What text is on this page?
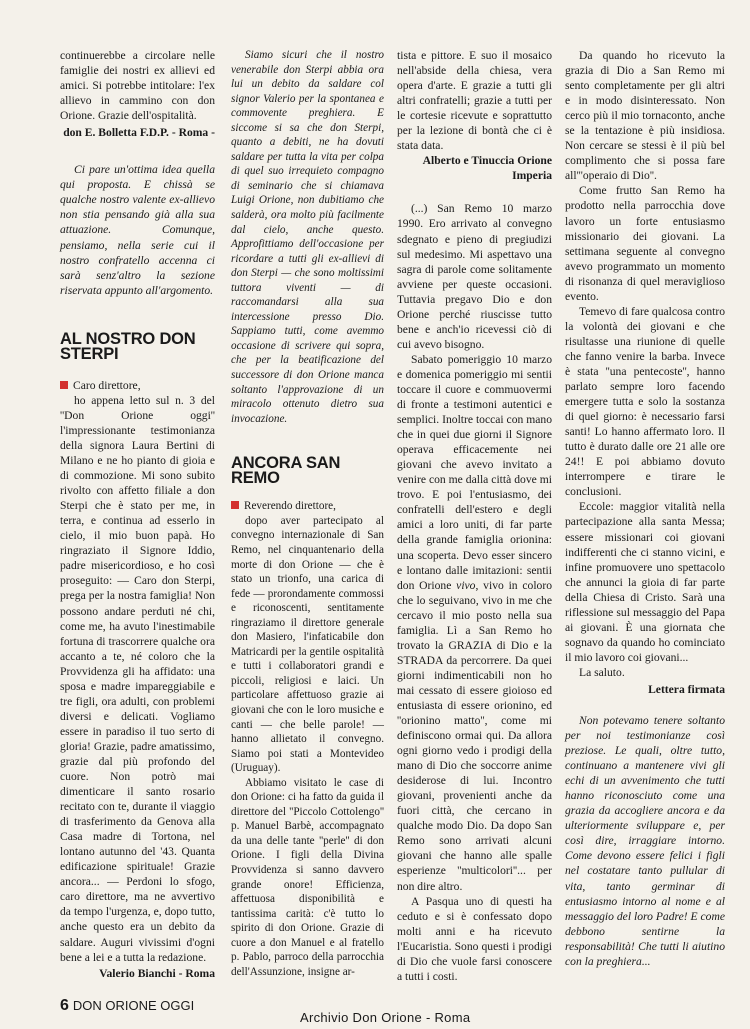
continuerebbe a circolare nelle famiglie dei nostri ex allievi ed amici. Si potrebbe intitolare: l'ex allievo in cammino con don Orione. Grazie dell'ospitalità.

don E. Bolletta F.D.P. - Roma -

Ci pare un'ottima idea quella qui proposta. E chissà se qualche nostro valente ex-allievo non stia pensando già alla sua attuazione. Comunque, pensiamo, nella serie cui il nostro confratello accenna ci sarà senz'altro la sezione riservata appunto all'argomento.

AL NOSTRO DON STERPI

Caro direttore,

ho appena letto sul n. 3 del ''Don Orione oggi'' l'impressionante testimonianza della signora Laura Bertini di Milano e ne ho pianto di gioia e di commozione. Mi sono subito rivolto con affetto filiale a don Sterpi che è stato per me, in terra, e continua ad esserlo in cielo, il mio buon papà. Ho ringraziato il Signore Iddio, padre misericordioso, e ho così proseguito: — Caro don Sterpi, prega per la nostra famiglia! Non possono andare perduti né chi, come me, ha avuto l'inestimabile fortuna di trascorrere qualche ora accanto a te, né coloro che la Provvidenza gli ha affidato: una sposa e madre impareggiabile e tre figli, ora adulti, con problemi diversi e delicati. Vogliamo essere in paradiso il tuo serto di gloria! Grazie, padre amatissimo, grazie dal più profondo del cuore. Non potrò mai dimenticare il santo rosario recitato con te, durante il viaggio di trasferimento da Genova alla Casa madre di Tortona, nel lontano autunno del '43. Quanta edificazione spirituale! Grazie ancora... — Perdoni lo sfogo, caro direttore, ma ne avvertivo da tempo l'urgenza, e, dopo tutto, anche questo era un debito da saldare. Auguri vivissimi d'ogni bene a lei e a tutta la redazione.

Valerio Bianchi - Roma

Siamo sicuri che il nostro venerabile don Sterpi abbia ora lui un debito da saldare col signor Valerio per la spontanea e commovente preghiera. E siccome si sa che don Sterpi, quanto a debiti, ne ha dovuti saldare per tutta la vita per colpa di quel suo irrequieto compagno di seminario che si chiamava Luigi Orione, non dubitiamo che salderà, ora molto più facilmente dal cielo, anche questo. Approfittiamo dell'occasione per ricordare a tutti gli ex-allievi di don Sterpi — che sono moltissimi tuttora viventi — di raccomandarsi alla sua intercessione presso Dio. Sappiamo tutti, come avemmo occasione di scrivere qui sopra, che per la beatificazione del successore di don Orione manca soltanto l'approvazione di un miracolo ottenuto dietro sua invocazione.

ANCORA SAN REMO

Reverendo direttore,

dopo aver partecipato al convegno internazionale di San Remo, nel cinquantenario della morte di don Orione — che è stato un trionfo, una carica di fede — prorondamente commossi e riconoscenti, sentitamente ringraziamo il direttore generale don Masiero, l'infaticabile don Matricardi per la gentile ospitalità e tutti i collaboratori grandi e piccoli, religiosi e laici. Un particolare affettuoso grazie ai giovani che con le loro musiche e canti — che belle parole! — hanno allietato il convegno. Siamo poi stati a Montevideo (Uruguay).

Abbiamo visitato le case di don Orione: ci ha fatto da guida il direttore del ''Piccolo Cottolengo'' p. Manuel Barbè, accompagnato da una delle tante ''perle'' di don Orione. I figli della Divina Provvidenza si sanno davvero grande onore! Efficienza, affettuosa disponibilità e tantissima carità: c'è tutto lo spirito di don Orione. Grazie di cuore a don Manuel e al fratello p. Pablo, parroco della parrocchia dell'Assunzione, insigne ar-

tista e pittore. E suo il mosaico nell'abside della chiesa, vera opera d'arte. E grazie a tutti gli altri confratelli; grazie a tutti per le cortesie ricevute e soprattutto per la lezione di bontà che ci è stata data.

Alberto e Tinuccia Orione

Imperia

(...) San Remo 10 marzo 1990. Ero arrivato al convegno sdegnato e pieno di pregiudizi sul medesimo. Mi aspettavo una sagra di parole come solitamente avviene per queste occasioni. Tuttavia pregavo Dio e don Orione perché riuscisse tutto bene e anch'io ricevessi ciò di cui avevo bisogno.

Sabato pomeriggio 10 marzo e domenica pomeriggio mi sentii toccare il cuore e commuovermi di fronte a testimoni autentici e semplici. Inoltre toccai con mano che in quei due giorni il Signore operava efficacemente nei giovani che avevo invitato a venire con me dalla città dove mi trovo. E poi l'entusiasmo, dei confratelli dell'estero e degli amici a loro uniti, di far parte della grande famiglia orionina: una scoperta. Devo esser sincero e lontano dalle imitazioni: sentii don Orione vivo, vivo in coloro che lo seguivano, vivo in me che cercavo il mio posto nella sua famiglia. Lì a San Remo ho trovato la GRAZIA di Dio e la STRADA da percorrere. Da quei giorni indimenticabili non ho mai cessato di essere gioioso ed entusiasta di essere orionino, ed ''orionino matto'', come mi definiscono ormai qui. Da allora ogni giorno vedo i prodigi della mano di Dio che soccorre anime desiderose di lui. Incontro giovani, provenienti anche da fuori città, che cercano in qualche modo Dio. Da dopo San Remo sono arrivati alcuni giovani che hanno alle spalle esperienze ''multicolori''... per non dire altro.

A Pasqua uno di questi ha ceduto e si è confessato dopo molti anni e ha ricevuto l'Eucaristia. Sono questi i prodigi di Dio che vuole farsi conoscere a tutti i costi.

Da quando ho ricevuto la grazia di Dio a San Remo mi sento completamente per gli altri e in modo disinteressato. Non cerco più il mio tornaconto, anche se la tentazione è più insidiosa. Non cercare se stessi è il più bel complimento che si possa fare all'''operaio di Dio''.

Come frutto San Remo ha prodotto nella parrocchia dove lavoro un forte entusiasmo missionario dei giovani. La settimana seguente al convegno avevo programmato un momento di risonanza di quel meraviglioso evento.

Temevo di fare qualcosa contro la volontà dei giovani e che risultasse una riunione di quelle che fanno venire la barba. Invece è stata ''una pentecoste'', hanno parlato sempre loro facendo emergere tutta e solo la sostanza di quel giorno: è necessario farsi santi! Lo hanno affermato loro. Il tutto è durato dalle ore 21 alle ore 24!! E poi abbiamo dovuto interrompere e tirare le conclusioni.

Eccole: maggior vitalità nella partecipazione alla santa Messa; essere missionari coi giovani indifferenti che ci stanno vicini, e infine promuovere uno spettacolo che annunci la gioia di far parte della Chiesa di Cristo. Sarà una riflessione sul messaggio del Papa ai giovani. È una giornata che sognavo da quando ho cominciato il mio lavoro coi giovani...

La saluto.

Lettera firmata

Non potevamo tenere soltanto per noi testimonianze così preziose. Le quali, oltre tutto, continuano a mantenere vivi gli echi di un avvenimento che tutti hanno riconosciuto come una grazia da accogliere ancora e da ulteriormente sviluppare e, per così dire, irraggiare intorno. Come devono essere felici i figli nel costatare tanto pullular di vita, tanto germinar di entusiasmo intorno al nome e al messaggio del loro Padre! E come debbono sentirne la responsabilità! Che tutti li aiutino con la preghiera...

6 DON ORIONE OGGI
Archivio Don Orione - Roma
